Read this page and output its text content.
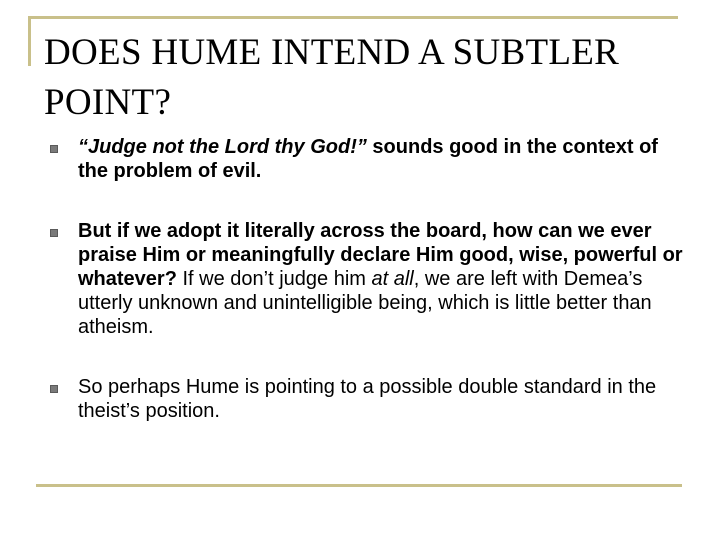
DOES HUME INTEND A SUBTLER POINT?
“Judge not the Lord thy God!” sounds good in the context of the problem of evil.
But if we adopt it literally across the board, how can we ever praise Him or meaningfully declare Him good, wise, powerful or whatever? If we don’t judge him at all, we are left with Demea’s utterly unknown and unintelligible being, which is little better than atheism.
So perhaps Hume is pointing to a possible double standard in the theist’s position.
